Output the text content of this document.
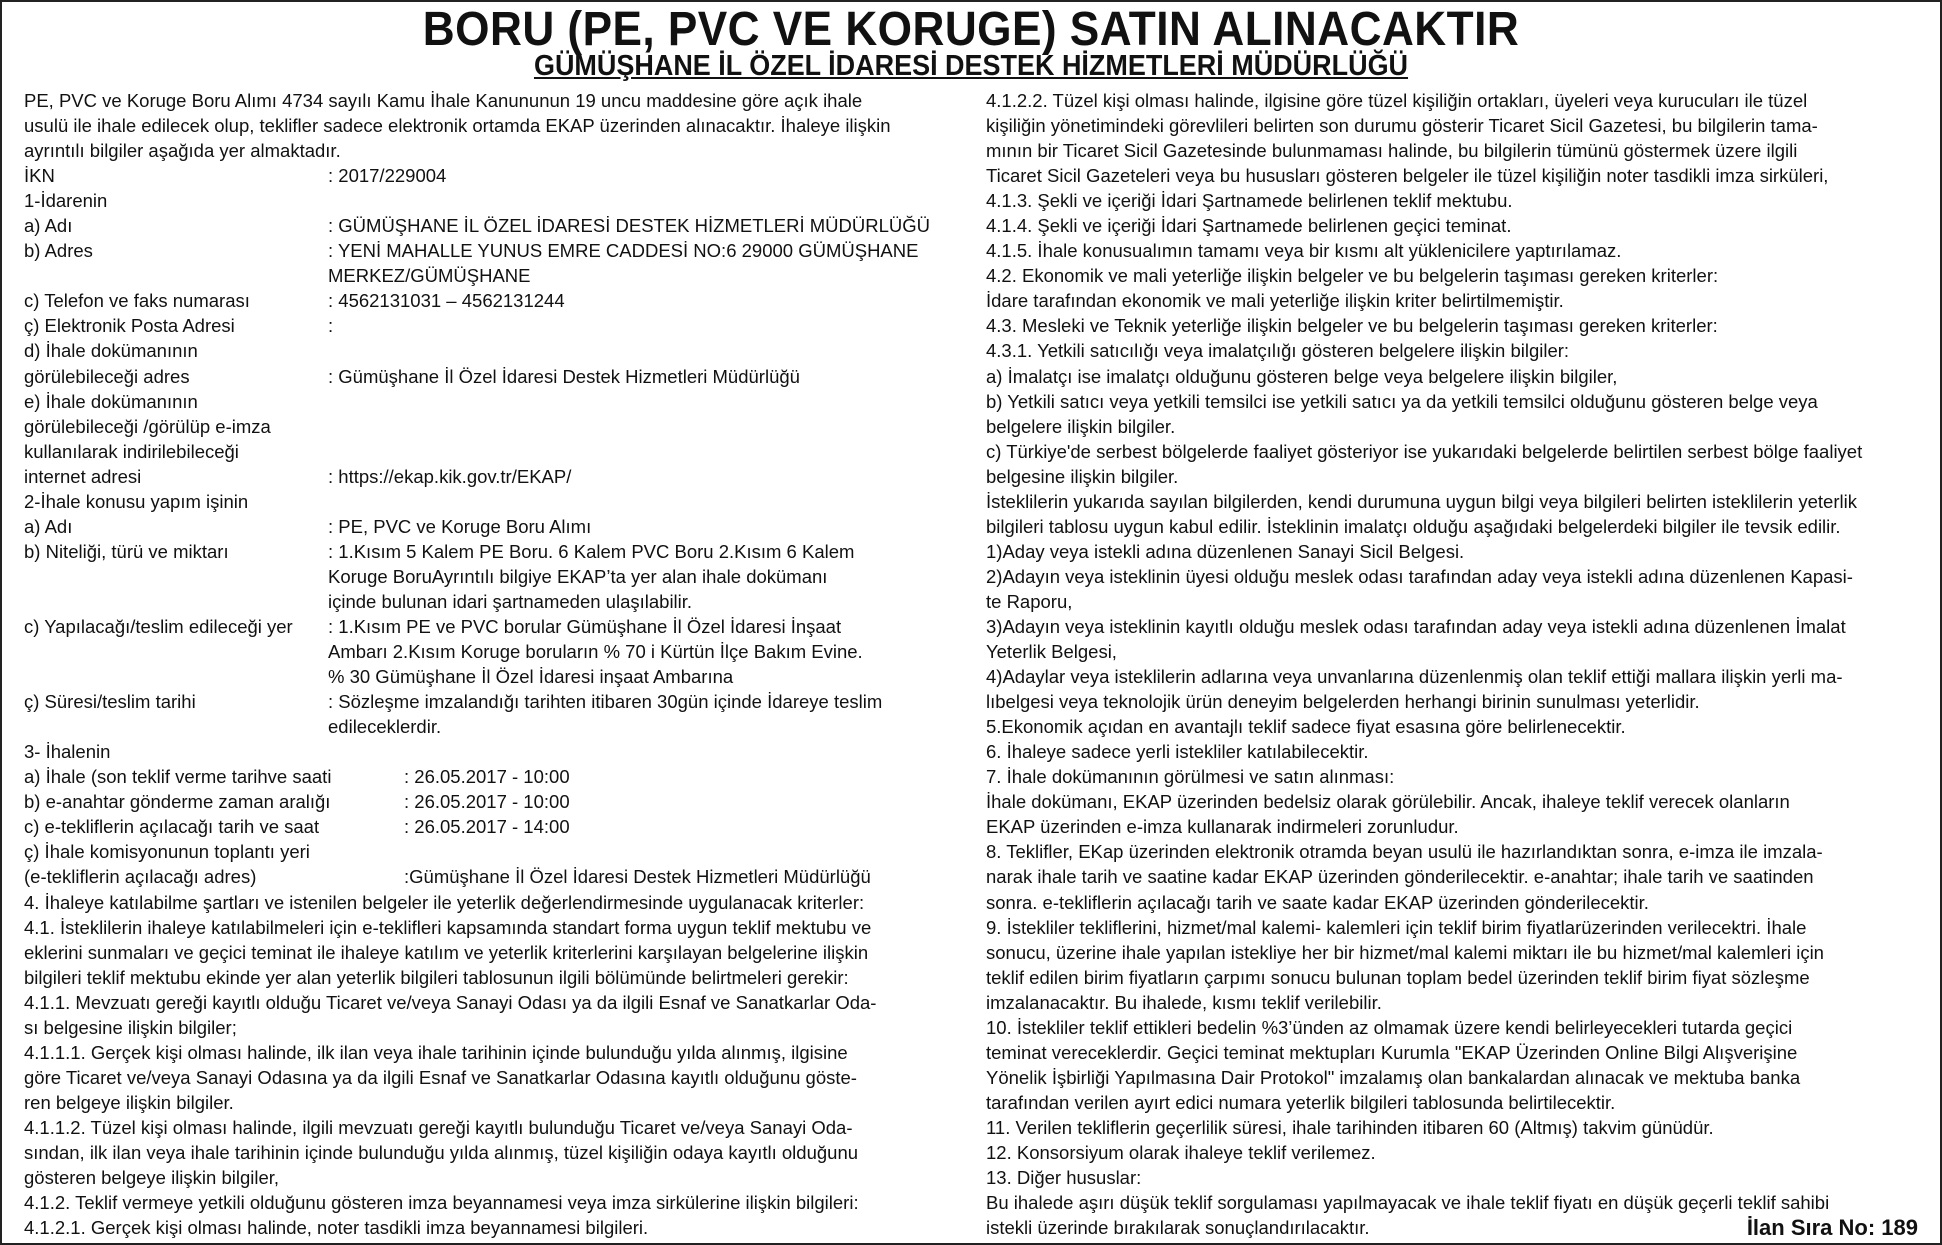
BORU (PE, PVC VE KORUGE) SATIN ALINACAKTIR
GÜMÜŞHANE İL ÖZEL İDARESİ DESTEK HİZMETLERİ MÜDÜRLÜĞÜ
PE, PVC ve Koruge Boru Alımı 4734 sayılı Kamu İhale Kanununun 19 uncu maddesine göre açık ihale
usulü ile ihale edilecek olup, teklifler sadece elektronik ortamda EKAP üzerinden alınacaktır. İhaleye ilişkin
ayrıntılı bilgiler aşağıda yer almaktadır.
İKN	: 2017/229004
1-İdarenin
a) Adı	: GÜMÜŞHANE İL ÖZEL İDARESİ DESTEK HİZMETLERİ MÜDÜRLÜĞÜ
b) Adres	: YENİ MAHALLE YUNUS EMRE CADDESİ NO:6 29000 GÜMÜŞHANE
MERKEZ/GÜMÜŞHANE
c) Telefon ve faks numarası	: 4562131031 – 4562131244
ç) Elektronik Posta Adresi	:
d) İhale dokümanının
görülebileceği adres	: Gümüşhane İl Özel İdaresi Destek Hizmetleri Müdürlüğü
e) İhale dokümanının
görülebileceği /görülüp e-imza
kullanılarak indirilebileceği
internet adresi	: https://ekap.kik.gov.tr/EKAP/
2-İhale konusu yapım işinin
a) Adı	: PE, PVC ve Koruge Boru Alımı
b) Niteliği, türü ve miktarı	: 1.Kısım 5 Kalem PE Boru. 6 Kalem PVC Boru 2.Kısım 6 Kalem
Koruge BoruAyrıntılı bilgiye EKAP’ta yer alan ihale dokümanı
içinde bulunan idari şartnameden ulaşılabilir.
c) Yapılacağı/teslim edileceği yer	: 1.Kısım PE ve PVC borular Gümüşhane İl Özel İdaresi İnşaat
Ambarı 2.Kısım Koruge boruların % 70 i Kürtün İlçe Bakım Evine.
% 30 Gümüşhane İl Özel İdaresi inşaat Ambarına
ç) Süresi/teslim tarihi	: Sözleşme imzalandığı tarihten itibaren 30gün içinde İdareye teslim
edileceklerdir.
3- İhalenin
a) İhale (son teklif verme tarihve saati	: 26.05.2017 - 10:00
b) e-anahtar gönderme zaman aralığı	: 26.05.2017 - 10:00
c) e-tekliflerin açılacağı tarih ve saat	: 26.05.2017 - 14:00
ç) İhale komisyonunun toplantı yeri
(e-tekliflerin açılacağı adres)	:Gümüşhane İl Özel İdaresi Destek Hizmetleri Müdürlüğü
4. İhaleye katılabilme şartları ve istenilen belgeler ile yeterlik değerlendirmesinde uygulanacak kriterler:
4.1. İsteklilerin ihaleye katılabilmeleri için e-teklifleri kapsamında standart forma uygun teklif mektubu ve
eklerini sunmaları ve geçici teminat ile ihaleye katılım ve yeterlik kriterlerini karşılayan belgelerine ilişkin
bilgileri teklif mektubu ekinde yer alan yeterlik bilgileri tablosunun ilgili bölümünde belirtmeleri gerekir:
4.1.1. Mevzuatı gereği kayıtlı olduğu Ticaret ve/veya Sanayi Odası ya da ilgili Esnaf ve Sanatkarlar Oda-
sı belgesine ilişkin bilgiler;
4.1.1.1. Gerçek kişi olması halinde, ilk ilan veya ihale tarihinin içinde bulunduğu yılda alınmış, ilgisine
göre Ticaret ve/veya Sanayi Odasına ya da ilgili Esnaf ve Sanatkarlar Odasına kayıtlı olduğunu göste-
ren belgeye ilişkin bilgiler.
4.1.1.2. Tüzel kişi olması halinde, ilgili mevzuatı gereği kayıtlı bulunduğu Ticaret ve/veya Sanayi Oda-
sından, ilk ilan veya ihale tarihinin içinde bulunduğu yılda alınmış, tüzel kişiliğin odaya kayıtlı olduğunu
gösteren belgeye ilişkin bilgiler,
4.1.2. Teklif vermeye yetkili olduğunu gösteren imza beyannamesi veya imza sirkülerine ilişkin bilgileri:
4.1.2.1. Gerçek kişi olması halinde, noter tasdikli imza beyannamesi bilgileri.
4.1.2.2. Tüzel kişi olması halinde, ilgisine göre tüzel kişiliğin ortakları, üyeleri veya kurucuları ile tüzel
kişiliğin yönetimindeki görevlileri belirten son durumu gösterir Ticaret Sicil Gazetesi, bu bilgilerin tama-
mının bir Ticaret Sicil Gazetesinde bulunmaması halinde, bu bilgilerin tümünü göstermek üzere ilgili
Ticaret Sicil Gazeteleri veya bu hususları gösteren belgeler ile tüzel kişiliğin noter tasdikli imza sirküleri,
4.1.3. Şekli ve içeriği İdari Şartnamede belirlenen teklif mektubu.
4.1.4. Şekli ve içeriği İdari Şartnamede belirlenen geçici teminat.
4.1.5. İhale konusualımın tamamı veya bir kısmı alt yüklenicilere yaptırılamaz.
4.2. Ekonomik ve mali yeterliğe ilişkin belgeler ve bu belgelerin taşıması gereken kriterler:
İdare tarafından ekonomik ve mali yeterliğe ilişkin kriter belirtilmemiştir.
4.3. Mesleki ve Teknik yeterliğe ilişkin belgeler ve bu belgelerin taşıması gereken kriterler:
4.3.1. Yetkili satıcılığı veya imalatçılığı gösteren belgelere ilişkin bilgiler:
a) İmalatçı ise imalatçı olduğunu gösteren belge veya belgelere ilişkin bilgiler,
b) Yetkili satıcı veya yetkili temsilci ise yetkili satıcı ya da yetkili temsilci olduğunu gösteren belge veya
belgelere ilişkin bilgiler.
c) Türkiye'de serbest bölgelerde faaliyet gösteriyor ise yukarıdaki belgelerde belirtilen serbest bölge faaliyet
belgesine ilişkin bilgiler.
İsteklilerin yukarıda sayılan bilgilerden, kendi durumuna uygun bilgi veya bilgileri belirten isteklilerin yeterlik
bilgileri tablosu uygun kabul edilir. İsteklinin imalatçı olduğu aşağıdaki belgelerdeki bilgiler ile tevsik edilir.
1)Aday veya istekli adına düzenlenen Sanayi Sicil Belgesi.
2)Adayın veya isteklinin üyesi olduğu meslek odası tarafından aday veya istekli adına düzenlenen Kapasi-
te Raporu,
3)Adayın veya isteklinin kayıtlı olduğu meslek odası tarafından aday veya istekli adına düzenlenen İmalat
Yeterlik Belgesi,
4)Adaylar veya isteklilerin adlarına veya unvanlarına düzenlenmiş olan teklif ettiği mallara ilişkin yerli ma-
lıbelgesi veya teknolojik ürün deneyim belgelerden herhangi birinin sunulması yeterlidir.
5.Ekonomik açıdan en avantajlı teklif sadece fiyat esasına göre belirlenecektir.
6. İhaleye sadece yerli istekliler katılabilecektir.
7. İhale dokümanının görülmesi ve satın alınması:
İhale dokümanı, EKAP üzerinden bedelsiz olarak görülebilir. Ancak, ihaleye teklif verecek olanların
EKAP üzerinden e-imza kullanarak indirmeleri zorunludur.
8. Teklifler, EKap üzerinden elektronik otramda beyan usulü ile hazırlandıktan sonra, e-imza ile imzala-
narak ihale tarih ve saatine kadar EKAP üzerinden gönderilecektir. e-anahtar; ihale tarih ve saatinden
sonra. e-tekliflerin açılacağı tarih ve saate kadar EKAP üzerinden gönderilecektir.
9. İstekliler tekliflerini, hizmet/mal kalemi- kalemleri için teklif birim fiyatlarüzerinden verilecektri. İhale
sonucu, üzerine ihale yapılan istekliye her bir hizmet/mal kalemi miktarı ile bu hizmet/mal kalemleri için
teklif edilen birim fiyatların çarpımı sonucu bulunan toplam bedel üzerinden teklif birim fiyat sözleşme
imzalanacaktır. Bu ihalede, kısmı teklif verilebilir.
10. İstekliler teklif ettikleri bedelin %3’ünden az olmamak üzere kendi belirleyecekleri tutarda geçici
teminat vereceklerdir. Geçici teminat mektupları Kurumla "EKAP Üzerinden Online Bilgi Alışverişine
Yönelik İşbirliği Yapılmasına Dair Protokol" imzalamış olan bankalardan alınacak ve mektuba banka
tarafından verilen ayırt edici numara yeterlik bilgileri tablosunda belirtilecektir.
11. Verilen tekliflerin geçerlilik süresi, ihale tarihinden itibaren 60 (Altmış) takvim günüdür.
12. Konsorsiyum olarak ihaleye teklif verilemez.
13. Diğer hususlar:
Bu ihalede aşırı düşük teklif sorgulaması yapılmayacak ve ihale teklif fiyatı en düşük geçerli teklif sahibi
istekli üzerinde bırakılarak sonuçlandırılacaktır.	İlan Sıra No: 189
